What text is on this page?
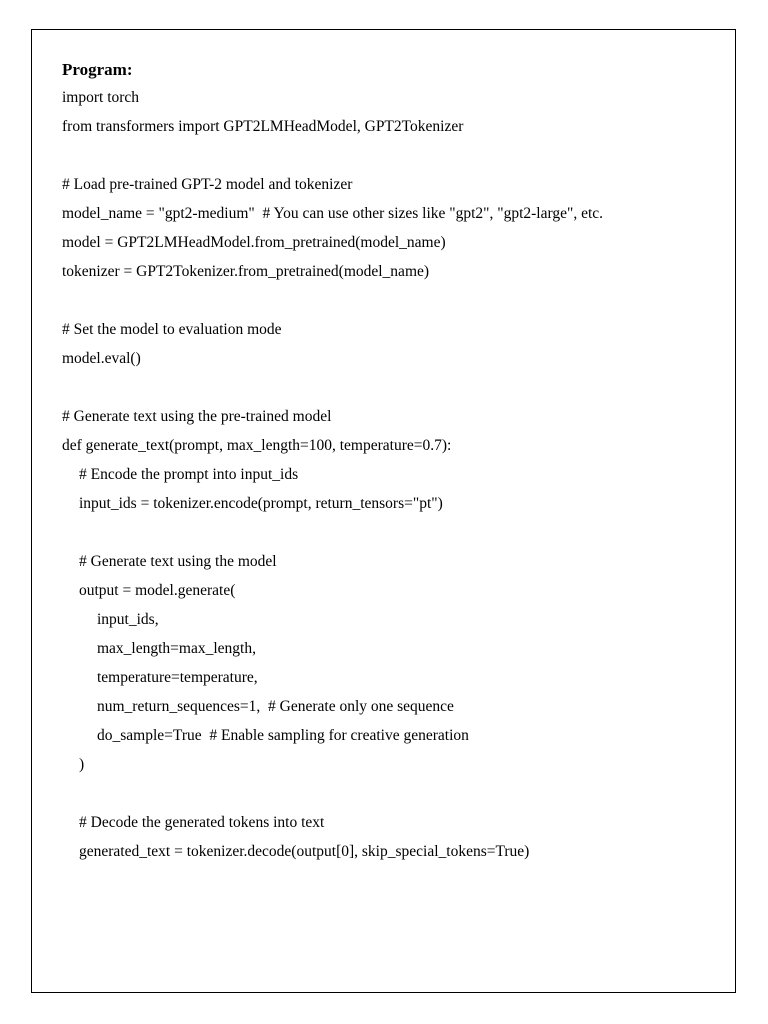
Program:
import torch
from transformers import GPT2LMHeadModel, GPT2Tokenizer
# Load pre-trained GPT-2 model and tokenizer
model_name = "gpt2-medium"  # You can use other sizes like "gpt2", "gpt2-large", etc.
model = GPT2LMHeadModel.from_pretrained(model_name)
tokenizer = GPT2Tokenizer.from_pretrained(model_name)
# Set the model to evaluation mode
model.eval()
# Generate text using the pre-trained model
def generate_text(prompt, max_length=100, temperature=0.7):
# Encode the prompt into input_ids
input_ids = tokenizer.encode(prompt, return_tensors="pt")
# Generate text using the model
output = model.generate(
input_ids,
max_length=max_length,
temperature=temperature,
num_return_sequences=1,  # Generate only one sequence
do_sample=True  # Enable sampling for creative generation
)
# Decode the generated tokens into text
generated_text = tokenizer.decode(output[0], skip_special_tokens=True)
